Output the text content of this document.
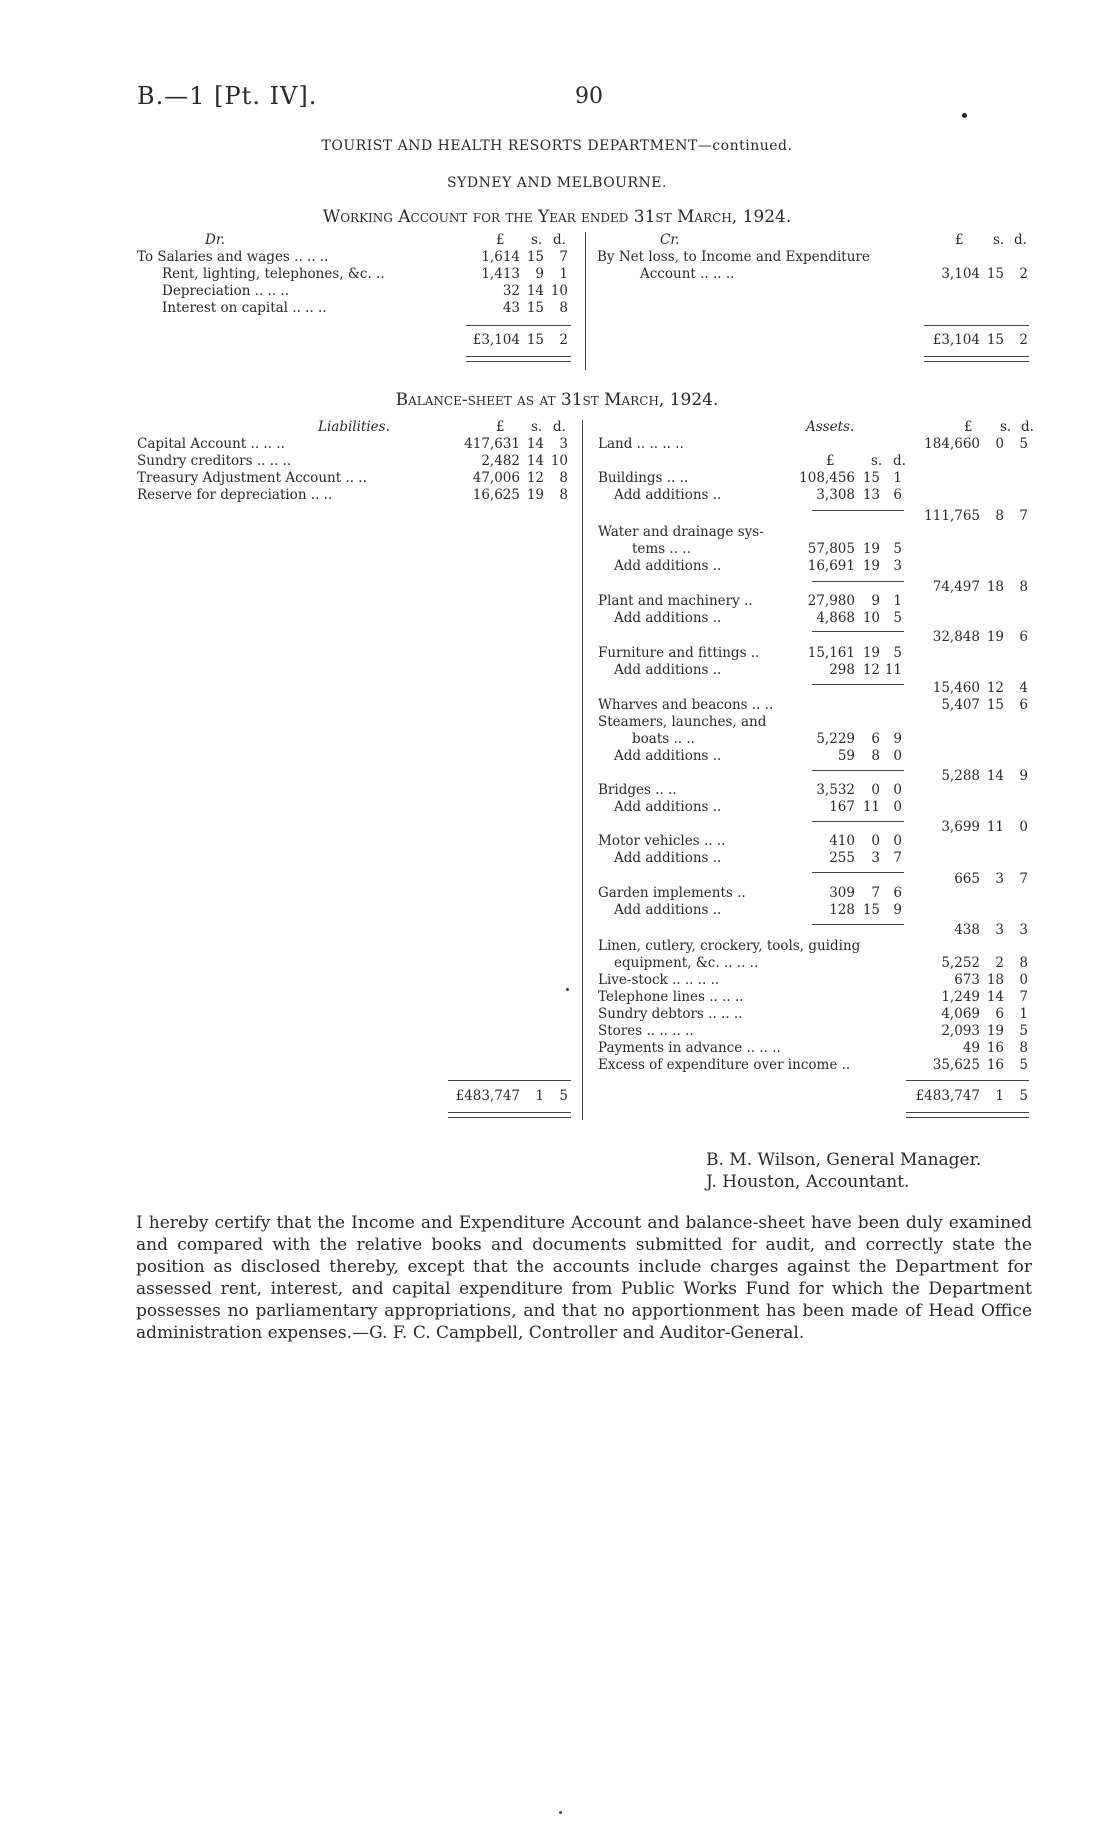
B.—1 [Pt. IV].	90
TOURIST AND HEALTH RESORTS DEPARTMENT—continued.
SYDNEY AND MELBOURNE.
Working Account for the Year ended 31st March, 1924.
Dr.	£ s. d.	Cr.	£ s. d.
To Salaries and wages .. .. ..	1,614 15	7
Rent, lighting, telephones, &c. ..	1,413	9	1
Depreciation .. .. ..	32 14 10
Interest on capital .. .. ..	43 15	8
By Net loss, to Income and Expenditure
Account .. .. ..	3,104 15	2
£3,104 15	2	£3,104 15	2
Balance-sheet as at 31st March, 1924.
Liabilities.	£ s. d.	Assets.	£ s. d.
Capital Account .. .. ..	417,631 14	3
Sundry creditors .. .. ..	2,482 14 10
Treasury Adjustment Account .. ..	47,006 12	8
Reserve for depreciation .. ..	16,625 19	8
£483,747	1	5
Land .. .. .. ..	184,660	0	5
£	s. d.
Buildings .. ..	108,456 15 1
Add additions ..	3,308 13 6
111,765	8	7
Water and drainage sys-
tems .. ..	57,805 19 5
Add additions ..	16,691 19 3
74,497 18	8
Plant and machinery ..	27,980	9 1
Add additions ..	4,868 10 5
32,848 19	6
Furniture and fittings ..	15,161 19 5
Add additions ..	298 12 11
15,460 12	4
Wharves and beacons .. ..	5,407 15	6
Steamers, launches, and
boats .. ..	5,229	6 9
Add additions ..	59	8 0
5,288 14	9
Bridges .. ..	3,532	0 0
Add additions ..	167 11 0
3,699 11	0
Motor vehicles .. ..	410	0 0
Add additions ..	255	3 7
665	3	7
Garden implements ..	309	7 6
Add additions ..	128 15 9
438	3	3
Linen, cutlery, crockery, tools, guiding
equipment, &c. .. .. ..	5,252	2	8
Live-stock .. .. .. ..	673 18	0
Telephone lines .. .. ..	1,249 14	7
Sundry debtors .. .. ..	4,069	6	1
Stores .. .. .. ..	2,093 19	5
Payments in advance .. .. ..	49 16	8
Excess of expenditure over income ..	35,625 16	5
£483,747	1	5
B. M. Wilson, General Manager.
J. Houston, Accountant.
I hereby certify that the Income and Expenditure Account and balance-sheet have been duly examined and compared with the relative books and documents submitted for audit, and correctly state the position as disclosed thereby, except that the accounts include charges against the Department for assessed rent, interest, and capital expenditure from Public Works Fund for which the Department possesses no parliamentary appropriations, and that no apportionment has been made of Head Office administration expenses.—G. F. C. Campbell, Controller and Auditor-General.
